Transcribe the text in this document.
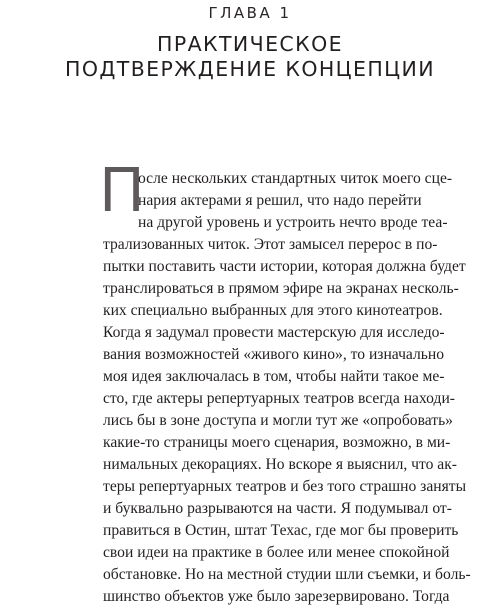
ГЛАВА 1
ПРАКТИЧЕСКОЕ
ПОДТВЕРЖДЕНИЕ КОНЦЕПЦИИ
П
осле нескольких стандартных читок моего сце-
нария актерами я решил, что надо перейти
на другой уровень и устроить нечто вроде теа-
трализованных читок. Этот замысел перерос в по-
пытки поставить части истории, которая должна будет
транслироваться в прямом эфире на экранах несколь-
ких специально выбранных для этого кинотеатров.
Когда я задумал провести мастерскую для исследо-
вания возможностей «живого кино», то изначально
моя идея заключалась в том, чтобы найти такое ме-
сто, где актеры репертуарных театров всегда находи-
лись бы в зоне доступа и могли тут же «опробовать»
какие-то страницы моего сценария, возможно, в ми-
нимальных декорациях. Но вскоре я выяснил, что ак-
теры репертуарных театров и без того страшно заняты
и буквально разрываются на части. Я подумывал от-
правиться в Остин, штат Техас, где мог бы проверить
свои идеи на практике в более или менее спокойной
обстановке. Но на местной студии шли съемки, и боль-
шинство объектов уже было зарезервировано. Тогда
